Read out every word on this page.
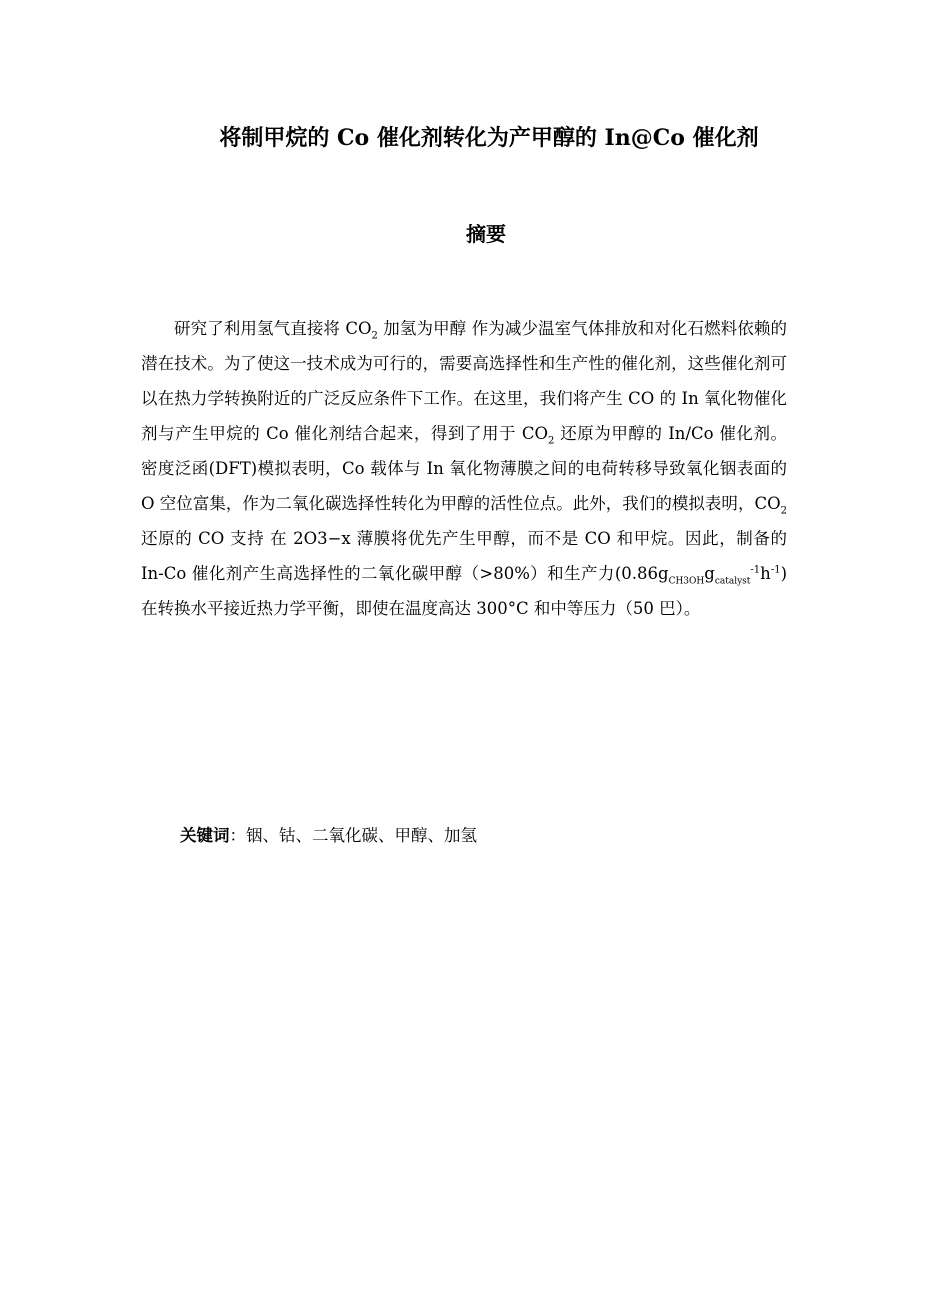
将制甲烷的 Co 催化剂转化为产甲醇的 In@Co 催化剂
摘要

研究了利用氢气直接将 $CO_2$ 加氢为甲醇 作为减少温室气体排放和对化石燃料依赖的潜在技术。为了使这一技术成为可行的，需要高选择性和生产性的催化剂，这些催化剂可以在热力学转换附近的广泛反应条件下工作。在这里，我们将产生 CO 的 In 氧化物催化剂与产生甲烷的 Co 催化剂结合起来，得到了用于 $CO_2$ 还原为甲醇的 In/Co 催化剂。 密度泛函(DFT)模拟表明，Co 载体与 In 氧化物薄膜之间的电荷转移导致氧化铟表面的 O 空位富集，作为二氧化碳选择性转化为甲醇的活性位点。此外，我们的模拟表明，$CO_2$ 还原的 CO 支持 在 2O3−x 薄膜将优先产生甲醇，而不是 CO 和甲烷。因此，制备的 In-Co 催化剂产生高选择性的二氧化碳甲醇（>80%）和生产力$(0.86g_{CH3OH}g_{catalyst}^{-1}h^{-1})$在转换水平接近热力学平衡，即使在温度高达 300°C 和中等压力（50 巴）。

关键词：铟、钴、二氧化碳、甲醇、加氢
